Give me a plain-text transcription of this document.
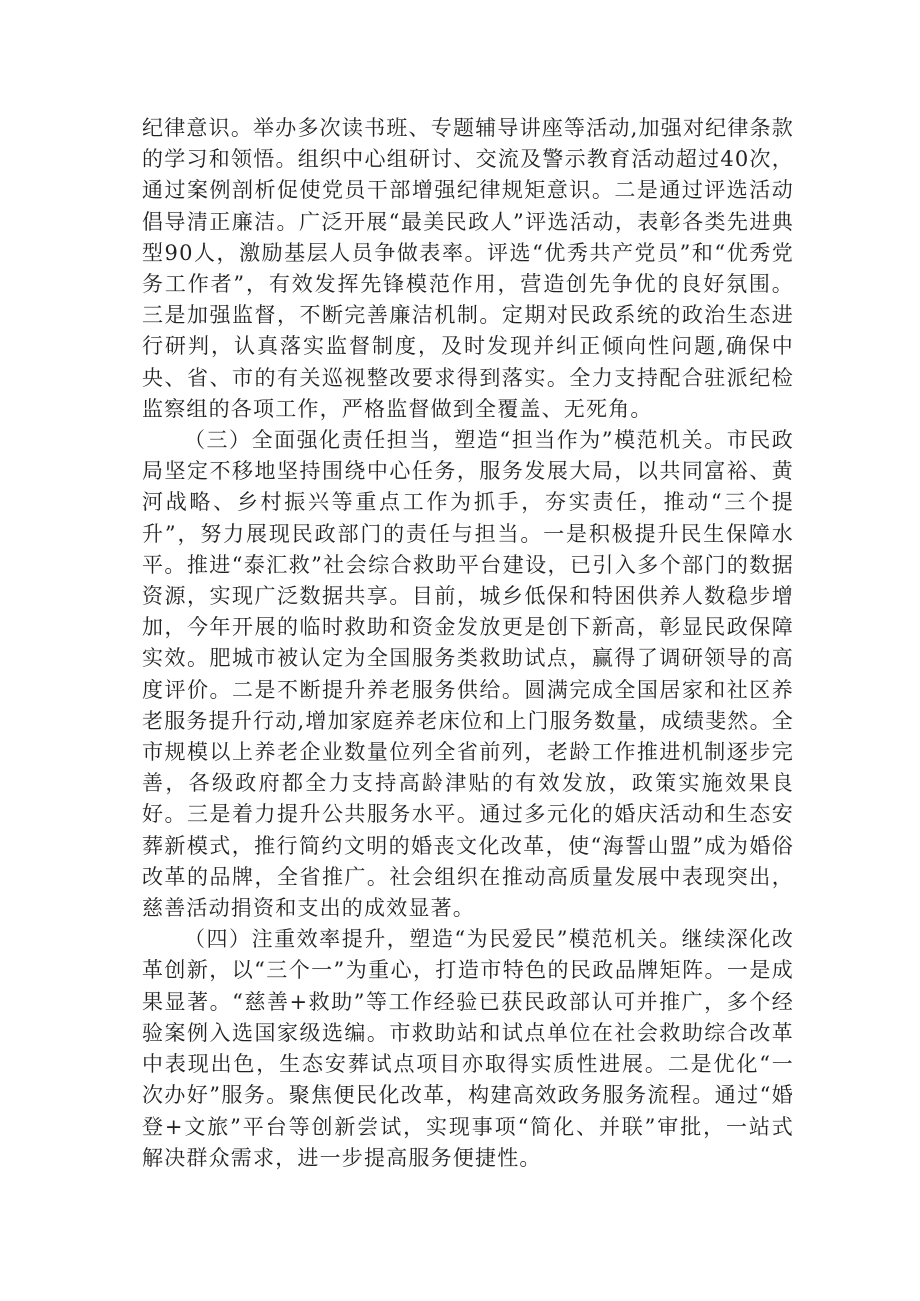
纪律意识。举办多次读书班、专题辅导讲座等活动,加强对纪律条款的学习和领悟。组织中心组研讨、交流及警示教育活动超过40次，通过案例剖析促使党员干部增强纪律规矩意识。二是通过评选活动倡导清正廉洁。广泛开展“最美民政人”评选活动，表彰各类先进典型90人，激励基层人员争做表率。评选“优秀共产党员”和“优秀党务工作者”，有效发挥先锋模范作用，营造创先争优的良好氛围。三是加强监督，不断完善廉洁机制。定期对民政系统的政治生态进行研判，认真落实监督制度，及时发现并纠正倾向性问题,确保中央、省、市的有关巡视整改要求得到落实。全力支持配合驻派纪检监察组的各项工作，严格监督做到全覆盖、无死角。

（三）全面强化责任担当，塑造“担当作为”模范机关。市民政局坚定不移地坚持围绕中心任务，服务发展大局，以共同富裕、黄河战略、乡村振兴等重点工作为抓手，夯实责任，推动“三个提升”，努力展现民政部门的责任与担当。一是积极提升民生保障水平。推进“泰汇救”社会综合救助平台建设，已引入多个部门的数据资源，实现广泛数据共享。目前，城乡低保和特困供养人数稳步增加，今年开展的临时救助和资金发放更是创下新高，彰显民政保障实效。肥城市被认定为全国服务类救助试点，赢得了调研领导的高度评价。二是不断提升养老服务供给。圆满完成全国居家和社区养老服务提升行动,增加家庭养老床位和上门服务数量，成绩斐然。全市规模以上养老企业数量位列全省前列，老龄工作推进机制逐步完善，各级政府都全力支持高龄津贴的有效发放，政策实施效果良好。三是着力提升公共服务水平。通过多元化的婚庆活动和生态安葬新模式，推行简约文明的婚丧文化改革，使“海誓山盟”成为婚俗改革的品牌，全省推广。社会组织在推动高质量发展中表现突出，慈善活动捐资和支出的成效显著。

（四）注重效率提升，塑造“为民爱民”模范机关。继续深化改革创新，以“三个一”为重心，打造市特色的民政品牌矩阵。一是成果显著。“慈善+救助”等工作经验已获民政部认可并推广，多个经验案例入选国家级选编。市救助站和试点单位在社会救助综合改革中表现出色，生态安葬试点项目亦取得实质性进展。二是优化“一次办好”服务。聚焦便民化改革，构建高效政务服务流程。通过“婚登+文旅”平台等创新尝试，实现事项“简化、并联”审批，一站式解决群众需求，进一步提高服务便捷性。
